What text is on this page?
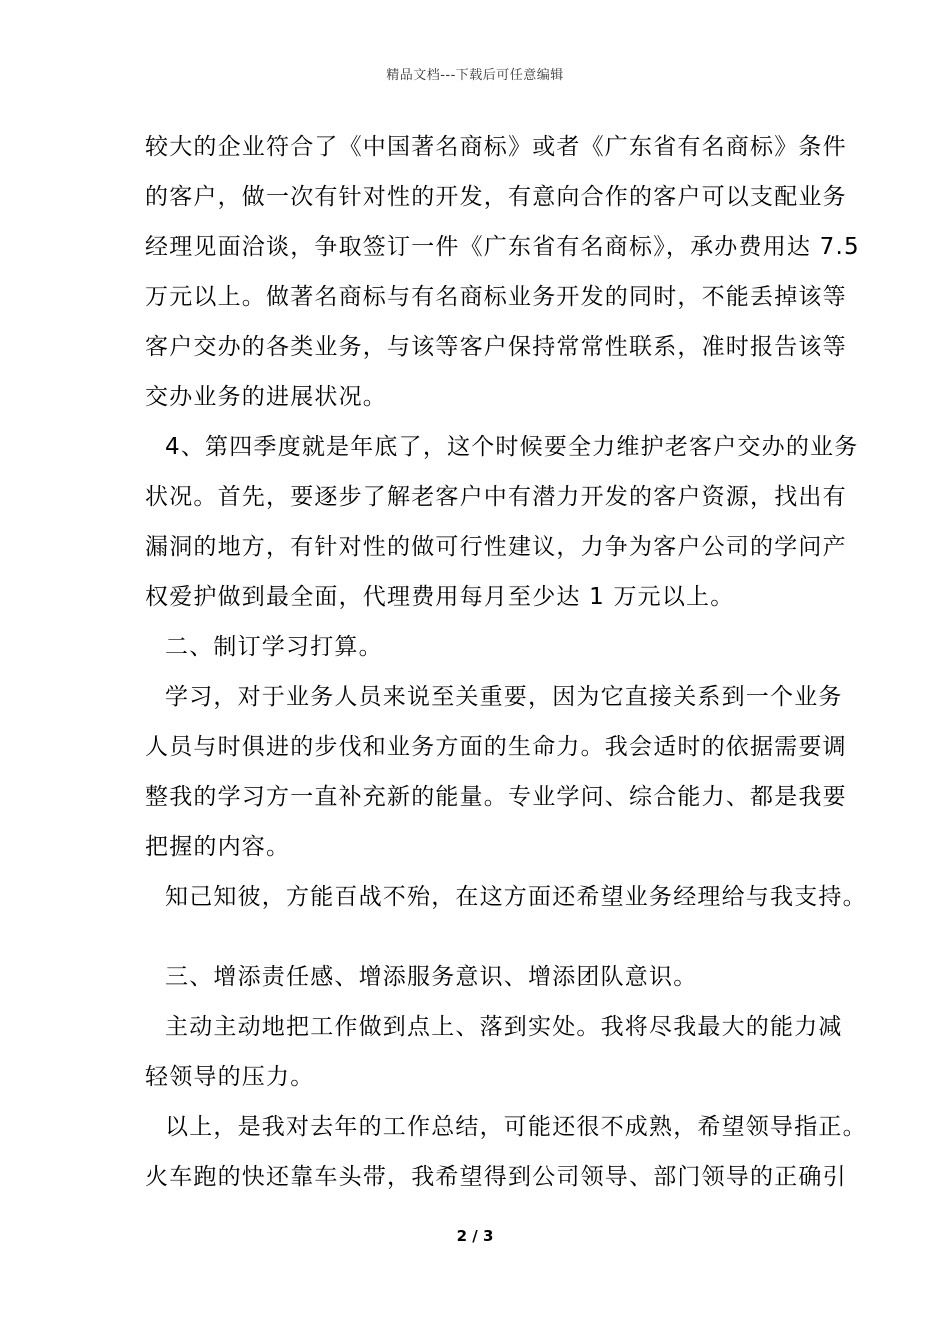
精品文档---下载后可任意编辑
较大的企业符合了《中国著名商标》或者《广东省有名商标》条件
的客户，做一次有针对性的开发，有意向合作的客户可以支配业务
经理见面洽谈，争取签订一件《广东省有名商标》，承办费用达 7.5
万元以上。做著名商标与有名商标业务开发的同时，不能丢掉该等
客户交办的各类业务，与该等客户保持常常性联系，准时报告该等
交办业务的进展状况。
4、第四季度就是年底了，这个时候要全力维护老客户交办的业务
状况。首先，要逐步了解老客户中有潜力开发的客户资源，找出有
漏洞的地方，有针对性的做可行性建议，力争为客户公司的学问产
权爱护做到最全面，代理费用每月至少达 1 万元以上。
二、制订学习打算。
学习，对于业务人员来说至关重要，因为它直接关系到一个业务
人员与时俱进的步伐和业务方面的生命力。我会适时的依据需要调
整我的学习方一直补充新的能量。专业学问、综合能力、都是我要
把握的内容。
知己知彼，方能百战不殆，在这方面还希望业务经理给与我支持。
三、增添责任感、增添服务意识、增添团队意识。
主动主动地把工作做到点上、落到实处。我将尽我最大的能力减
轻领导的压力。
以上，是我对去年的工作总结，可能还很不成熟，希望领导指正。
火车跑的快还靠车头带，我希望得到公司领导、部门领导的正确引
2 / 3
